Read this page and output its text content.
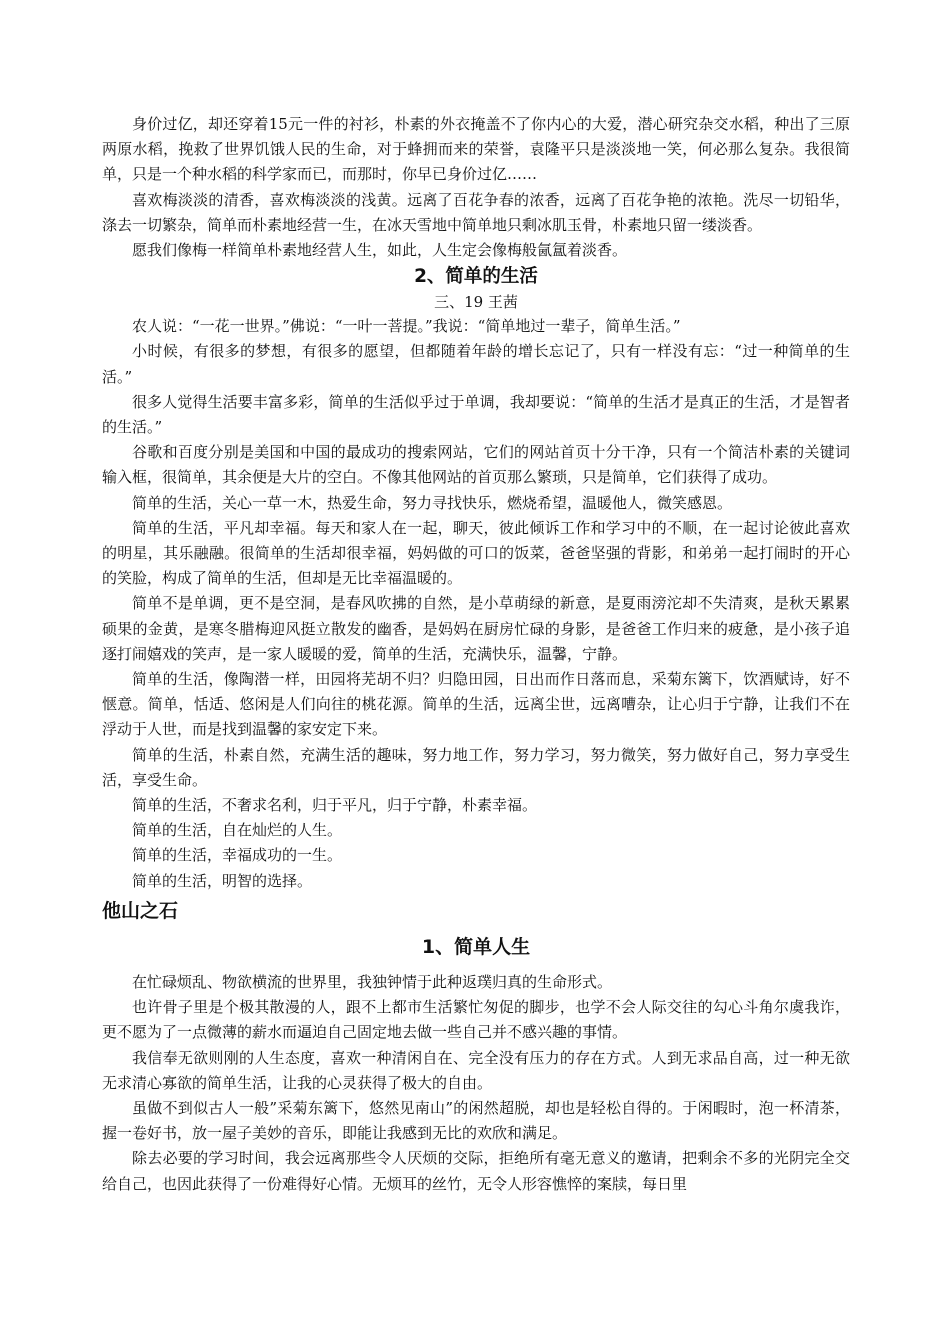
身价过亿，却还穿着15元一件的衬衫，朴素的外衣掩盖不了你内心的大爱，潜心研究杂交水稻，种出了三原两原水稻，挽救了世界饥饿人民的生命，对于蜂拥而来的荣誉，袁隆平只是淡淡地一笑，何必那么复杂。我很简单，只是一个种水稻的科学家而已，而那时，你早已身价过亿……

喜欢梅淡淡的清香，喜欢梅淡淡的浅黄。远离了百花争春的浓香，远离了百花争艳的浓艳。洗尽一切铅华，涤去一切繁杂，简单而朴素地经营一生，在冰天雪地中简单地只剩冰肌玉骨，朴素地只留一缕淡香。

愿我们像梅一样简单朴素地经营人生，如此，人生定会像梅般氤氲着淡香。

2、简单的生活

三、19 王茜

农人说：“一花一世界。”佛说：“一叶一菩提。”我说：“简单地过一辈子，简单生活。”

小时候，有很多的梦想，有很多的愿望，但都随着年龄的增长忘记了，只有一样没有忘：“过一种简单的生活。”

很多人觉得生活要丰富多彩，简单的生活似乎过于单调，我却要说：“简单的生活才是真正的生活，才是智者的生活。”

谷歌和百度分别是美国和中国的最成功的搜索网站，它们的网站首页十分干净，只有一个简洁朴素的关键词输入框，很简单，其余便是大片的空白。不像其他网站的首页那么繁琐，只是简单，它们获得了成功。

简单的生活，关心一草一木，热爱生命，努力寻找快乐，燃烧希望，温暖他人，微笑感恩。

简单的生活，平凡却幸福。每天和家人在一起，聊天，彼此倾诉工作和学习中的不顺，在一起讨论彼此喜欢的明星，其乐融融。很简单的生活却很幸福，妈妈做的可口的饭菜，爸爸坚强的背影，和弟弟一起打闹时的开心的笑脸，构成了简单的生活，但却是无比幸福温暖的。

简单不是单调，更不是空洞，是春风吹拂的自然，是小草萌绿的新意，是夏雨滂沱却不失清爽，是秋天累累硕果的金黄，是寒冬腊梅迎风挺立散发的幽香，是妈妈在厨房忙碌的身影，是爸爸工作归来的疲惫，是小孩子追逐打闹嬉戏的笑声，是一家人暖暖的爱，简单的生活，充满快乐，温馨，宁静。

简单的生活，像陶潜一样，田园将芜胡不归？归隐田园，日出而作日落而息，采菊东篱下，饮酒赋诗，好不惬意。简单，恬适、悠闲是人们向往的桃花源。简单的生活，远离尘世，远离嘈杂，让心归于宁静，让我们不在浮动于人世，而是找到温馨的家安定下来。

简单的生活，朴素自然，充满生活的趣味，努力地工作，努力学习，努力微笑，努力做好自己，努力享受生活，享受生命。

简单的生活，不奢求名利，归于平凡，归于宁静，朴素幸福。

简单的生活，自在灿烂的人生。

简单的生活，幸福成功的一生。

简单的生活，明智的选择。

他山之石
1、简单人生

在忙碌烦乱、物欲横流的世界里，我独钟情于此种返璞归真的生命形式。

也许骨子里是个极其散漫的人，跟不上都市生活繁忙匆促的脚步，也学不会人际交往的勾心斗角尔虞我诈，更不愿为了一点微薄的薪水而逼迫自己固定地去做一些自己并不感兴趣的事情。

我信奉无欲则刚的人生态度，喜欢一种清闲自在、完全没有压力的存在方式。人到无求品自高，过一种无欲无求清心寡欲的简单生活，让我的心灵获得了极大的自由。

虽做不到似古人一般”采菊东篱下，悠然见南山”的闲然超脱，却也是轻松自得的。于闲暇时，泡一杯清茶，握一卷好书，放一屋子美妙的音乐，即能让我感到无比的欢欣和满足。

除去必要的学习时间，我会远离那些令人厌烦的交际，拒绝所有毫无意义的邀请，把剩余不多的光阴完全交给自己，也因此获得了一份难得好心情。无烦耳的丝竹，无令人形容憔悴的案牍，每日里
